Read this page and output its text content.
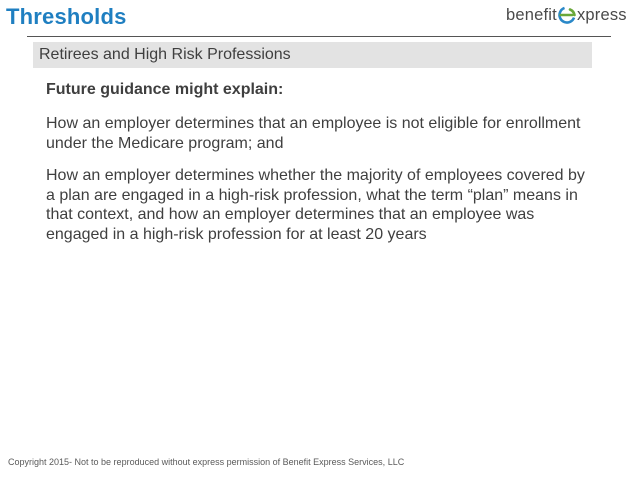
Thresholds	benefit xpress
Retirees and High Risk Professions

Future guidance might explain:

How an employer determines that an employee is not eligible for enrollment under the Medicare program; and

How an employer determines whether the majority of employees covered by a plan are engaged in a high-risk profession, what the term “plan” means in that context, and how an employer determines that an employee was engaged in a high-risk profession for at least 20 years

Copyright 2015- Not to be reproduced without express permission of Benefit Express Services, LLC
